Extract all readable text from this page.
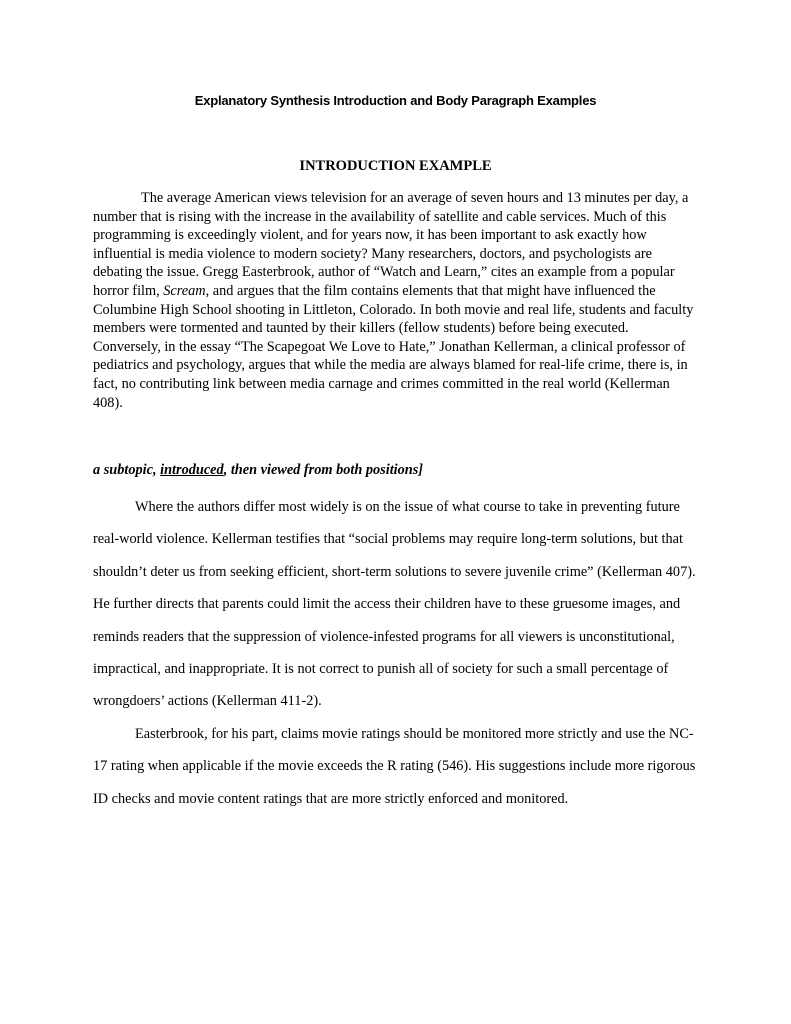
Explanatory Synthesis Introduction and Body Paragraph Examples
INTRODUCTION EXAMPLE

The average American views television for an average of seven hours and 13 minutes per day, a
number that is rising with the increase in the availability of satellite and cable services. Much of this
programming is exceedingly violent, and for years now, it has been important to ask exactly how
influential is media violence to modern society? Many researchers, doctors, and psychologists are
debating the issue. Gregg Easterbrook, author of “Watch and Learn,” cites an example from a popular
horror film, Scream, and argues that the film contains elements that that might have influenced the
Columbine High School shooting in Littleton, Colorado. In both movie and real life, students and faculty
members were tormented and taunted by their killers (fellow students) before being executed.
Conversely, in the essay “The Scapegoat We Love to Hate,” Jonathan Kellerman, a clinical professor of
pediatrics and psychology, argues that while the media are always blamed for real-life crime, there is, in
fact, no contributing link between media carnage and crimes committed in the real world (Kellerman
408).

a subtopic, introduced, then viewed from both positions]

Where the authors differ most widely is on the issue of what course to take in preventing future
real-world violence. Kellerman testifies that “social problems may require long-term solutions, but that
shouldn’t deter us from seeking efficient, short-term solutions to severe juvenile crime” (Kellerman 407).
He further directs that parents could limit the access their children have to these gruesome images, and
reminds readers that the suppression of violence-infested programs for all viewers is unconstitutional,
impractical, and inappropriate. It is not correct to punish all of society for such a small percentage of
wrongdoers’ actions (Kellerman 411-2).
Easterbrook, for his part, claims movie ratings should be monitored more strictly and use the NC-
17 rating when applicable if the movie exceeds the R rating (546). His suggestions include more rigorous
ID checks and movie content ratings that are more strictly enforced and monitored.
